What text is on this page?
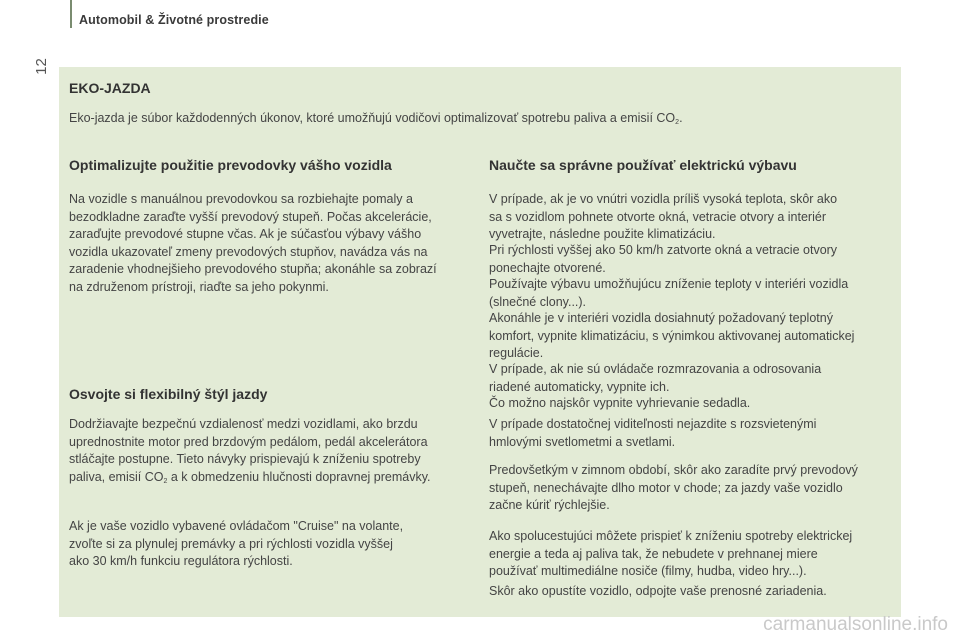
Automobil & Životné prostredie
12
EKO-JAZDA
Eko-jazda je súbor každodenných úkonov, ktoré umožňujú vodičovi optimalizovať spotrebu paliva a emisií $CO_2$.
Optimalizujte použitie prevodovky vášho vozidla
Na vozidle s manuálnou prevodovkou sa rozbiehajte pomaly a
bezodkladne zaraďte vyšší prevodový stupeň. Počas akcelerácie,
zaraďujte prevodové stupne včas. Ak je súčasťou výbavy vášho
vozidla ukazovateľ zmeny prevodových stupňov, navádza vás na
zaradenie vhodnejšieho prevodového stupňa; akonáhle sa zobrazí
na združenom prístroji, riaďte sa jeho pokynmi.
Osvojte si flexibilný štýl jazdy
Dodržiavajte bezpečnú vzdialenosť medzi vozidlami, ako brzdu
uprednostnite motor pred brzdovým pedálom, pedál akcelerátora
stláčajte postupne. Tieto návyky prispievajú k zníženiu spotreby
paliva, emisií $CO_2$ a k obmedzeniu hlučnosti dopravnej premávky.
Ak je vaše vozidlo vybavené ovládačom "Cruise" na volante,
zvoľte si za plynulej premávky a pri rýchlosti vozidla vyššej
ako 30 km/h funkciu regulátora rýchlosti.
Naučte sa správne používať elektrickú výbavu
V prípade, ak je vo vnútri vozidla príliš vysoká teplota, skôr ako
sa s vozidlom pohnete otvorte okná, vetracie otvory a interiér
vyvetrajte, následne použite klimatizáciu.
Pri rýchlosti vyššej ako 50 km/h zatvorte okná a vetracie otvory
ponechajte otvorené.
Používajte výbavu umožňujúcu zníženie teploty v interiéri vozidla
(slnečné clony...).
Akonáhle je v interiéri vozidla dosiahnutý požadovaný teplotný
komfort, vypnite klimatizáciu, s výnimkou aktivovanej automatickej
regulácie.
V prípade, ak nie sú ovládače rozmrazovania a odrosovania
riadené automaticky, vypnite ich.
Čo možno najskôr vypnite vyhrievanie sedadla.
V prípade dostatočnej viditeľnosti nejazdite s rozsvietenými
hmlovými svetlometmi a svetlami.
Predovšetkým v zimnom období, skôr ako zaradíte prvý prevodový
stupeň, nenechávajte dlho motor v chode; za jazdy vaše vozidlo
začne kúriť rýchlejšie.
Ako spolucestujúci môžete prispieť k zníženiu spotreby elektrickej
energie a teda aj paliva tak, že nebudete v prehnanej miere
používať multimediálne nosiče (filmy, hudba, video hry...).
Skôr ako opustíte vozidlo, odpojte vaše prenosné zariadenia.
carmanualsonline.info
